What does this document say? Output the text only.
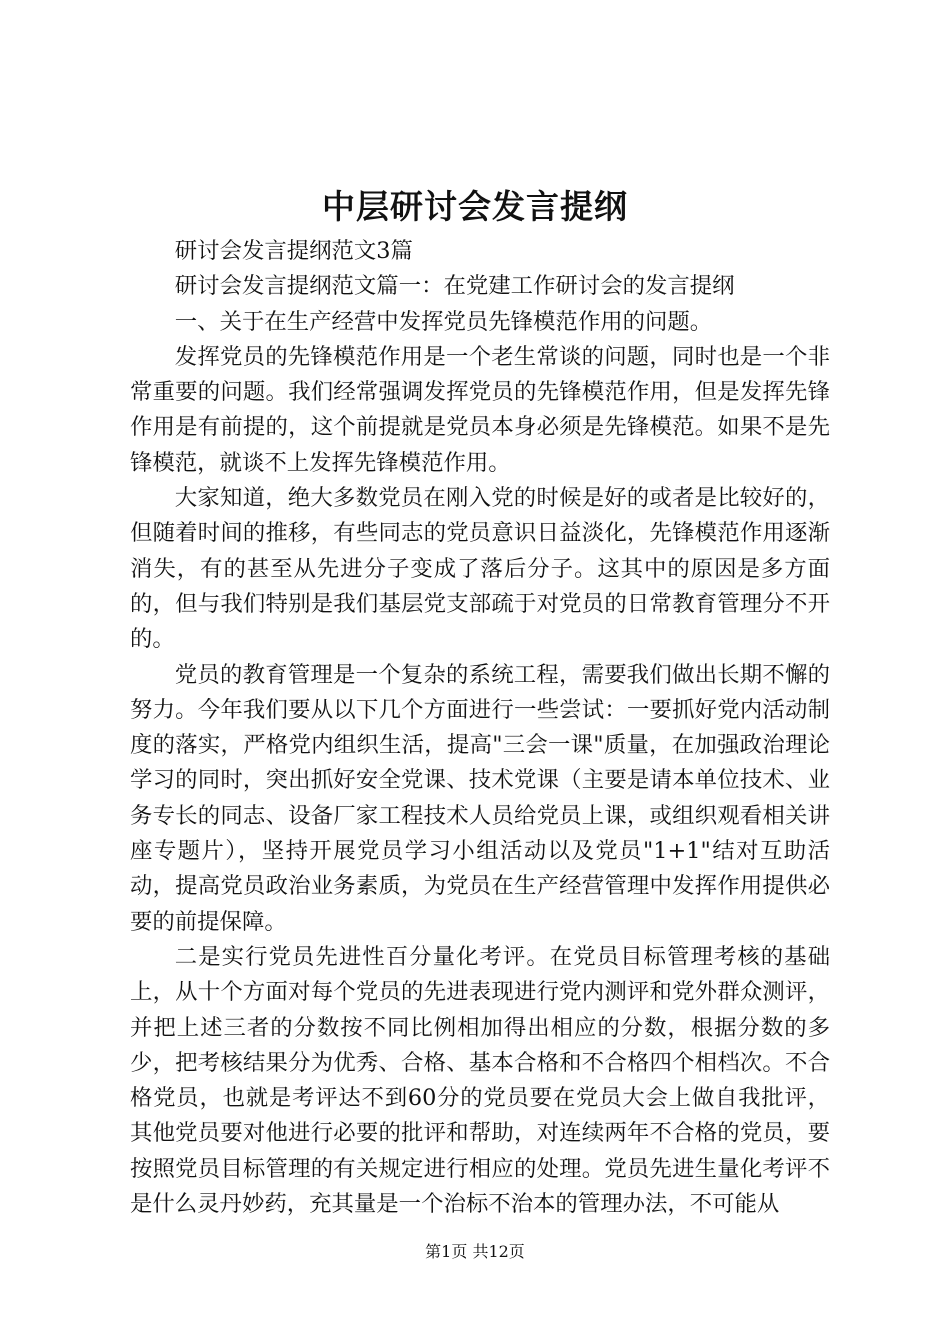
中层研讨会发言提纲

研讨会发言提纲范文3篇

研讨会发言提纲范文篇一：在党建工作研讨会的发言提纲

一、关于在生产经营中发挥党员先锋模范作用的问题。

发挥党员的先锋模范作用是一个老生常谈的问题，同时也是一个非常重要的问题。我们经常强调发挥党员的先锋模范作用，但是发挥先锋作用是有前提的，这个前提就是党员本身必须是先锋模范。如果不是先锋模范，就谈不上发挥先锋模范作用。

大家知道，绝大多数党员在刚入党的时候是好的或者是比较好的，但随着时间的推移，有些同志的党员意识日益淡化，先锋模范作用逐渐消失，有的甚至从先进分子变成了落后分子。这其中的原因是多方面的，但与我们特别是我们基层党支部疏于对党员的日常教育管理分不开的。

党员的教育管理是一个复杂的系统工程，需要我们做出长期不懈的努力。今年我们要从以下几个方面进行一些尝试：一要抓好党内活动制度的落实，严格党内组织生活，提高"三会一课"质量，在加强政治理论学习的同时，突出抓好安全党课、技术党课（主要是请本单位技术、业务专长的同志、设备厂家工程技术人员给党员上课，或组织观看相关讲座专题片），坚持开展党员学习小组活动以及党员"1+1"结对互助活动，提高党员政治业务素质，为党员在生产经营管理中发挥作用提供必要的前提保障。

二是实行党员先进性百分量化考评。在党员目标管理考核的基础上，从十个方面对每个党员的先进表现进行党内测评和党外群众测评，并把上述三者的分数按不同比例相加得出相应的分数，根据分数的多少，把考核结果分为优秀、合格、基本合格和不合格四个相档次。不合格党员，也就是考评达不到60分的党员要在党员大会上做自我批评，其他党员要对他进行必要的批评和帮助，对连续两年不合格的党员，要按照党员目标管理的有关规定进行相应的处理。党员先进生量化考评不是什么灵丹妙药，充其量是一个治标不治本的管理办法，不可能从

第1页 共12页
